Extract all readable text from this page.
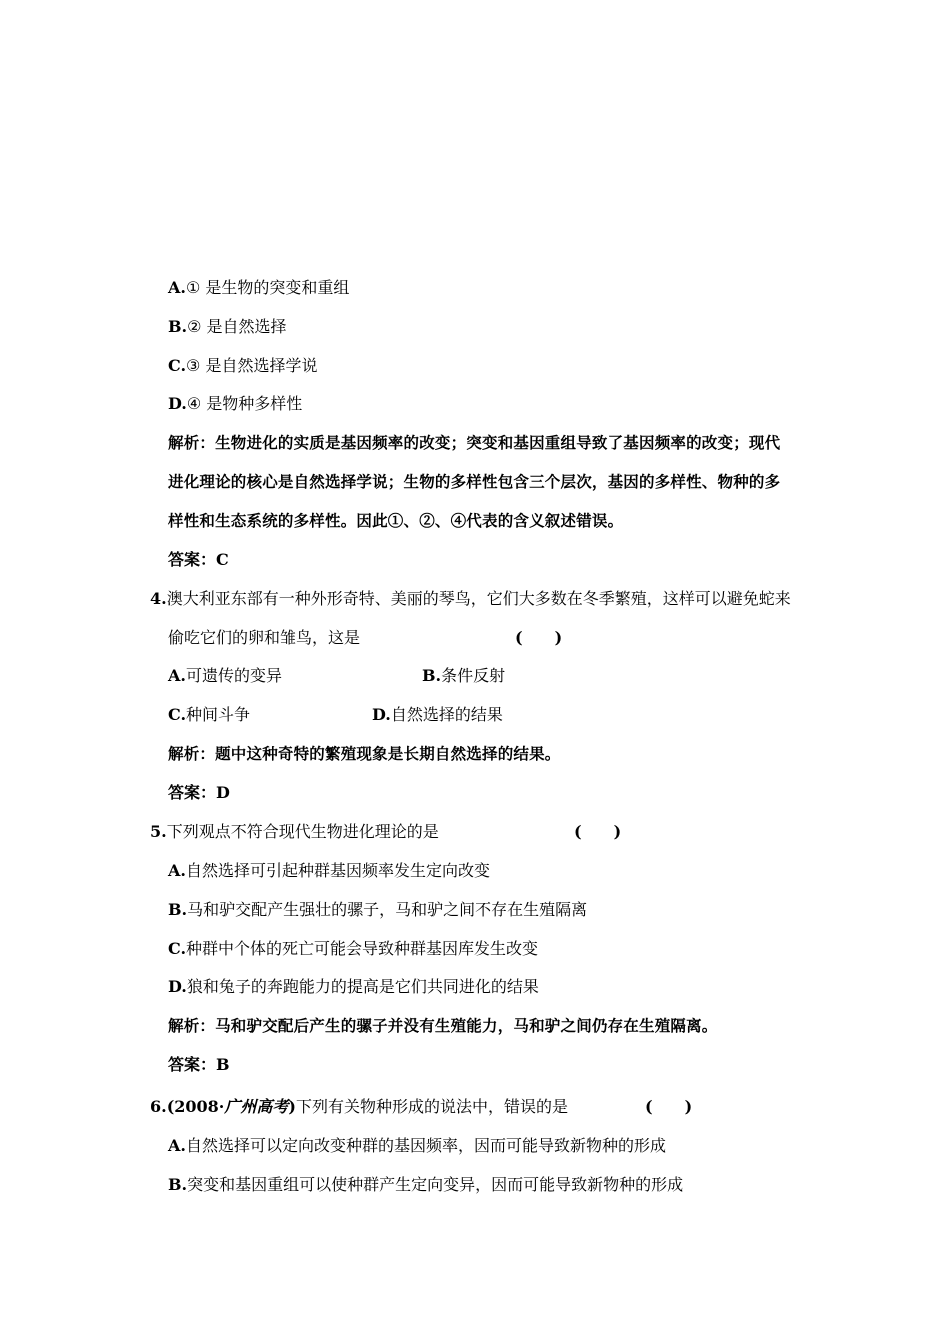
A.① 是生物的突变和重组
B.② 是自然选择
C.③ 是自然选择学说
D.④ 是物种多样性
解析：生物进化的实质是基因频率的改变；突变和基因重组导致了基因频率的改变；现代
进化理论的核心是自然选择学说；生物的多样性包含三个层次，基因的多样性、物种的多
样性和生态系统的多样性。因此①、②、④代表的含义叙述错误。
答案：C
4.澳大利亚东部有一种外形奇特、美丽的琴鸟，它们大多数在冬季繁殖，这样可以避免蛇来
偷吃它们的卵和雏鸟，这是	(　　)
A.可遗传的变异	B.条件反射
C.种间斗争	D.自然选择的结果
解析：题中这种奇特的繁殖现象是长期自然选择的结果。
答案：D
5.下列观点不符合现代生物进化理论的是	(　　)
A.自然选择可引起种群基因频率发生定向改变
B.马和驴交配产生强壮的骡子，马和驴之间不存在生殖隔离
C.种群中个体的死亡可能会导致种群基因库发生改变
D.狼和兔子的奔跑能力的提高是它们共同进化的结果
解析：马和驴交配后产生的骡子并没有生殖能力，马和驴之间仍存在生殖隔离。
答案：B
6.(2008·广州高考)下列有关物种形成的说法中，错误的是	(　　)
A.自然选择可以定向改变种群的基因频率，因而可能导致新物种的形成
B.突变和基因重组可以使种群产生定向变异，因而可能导致新物种的形成
